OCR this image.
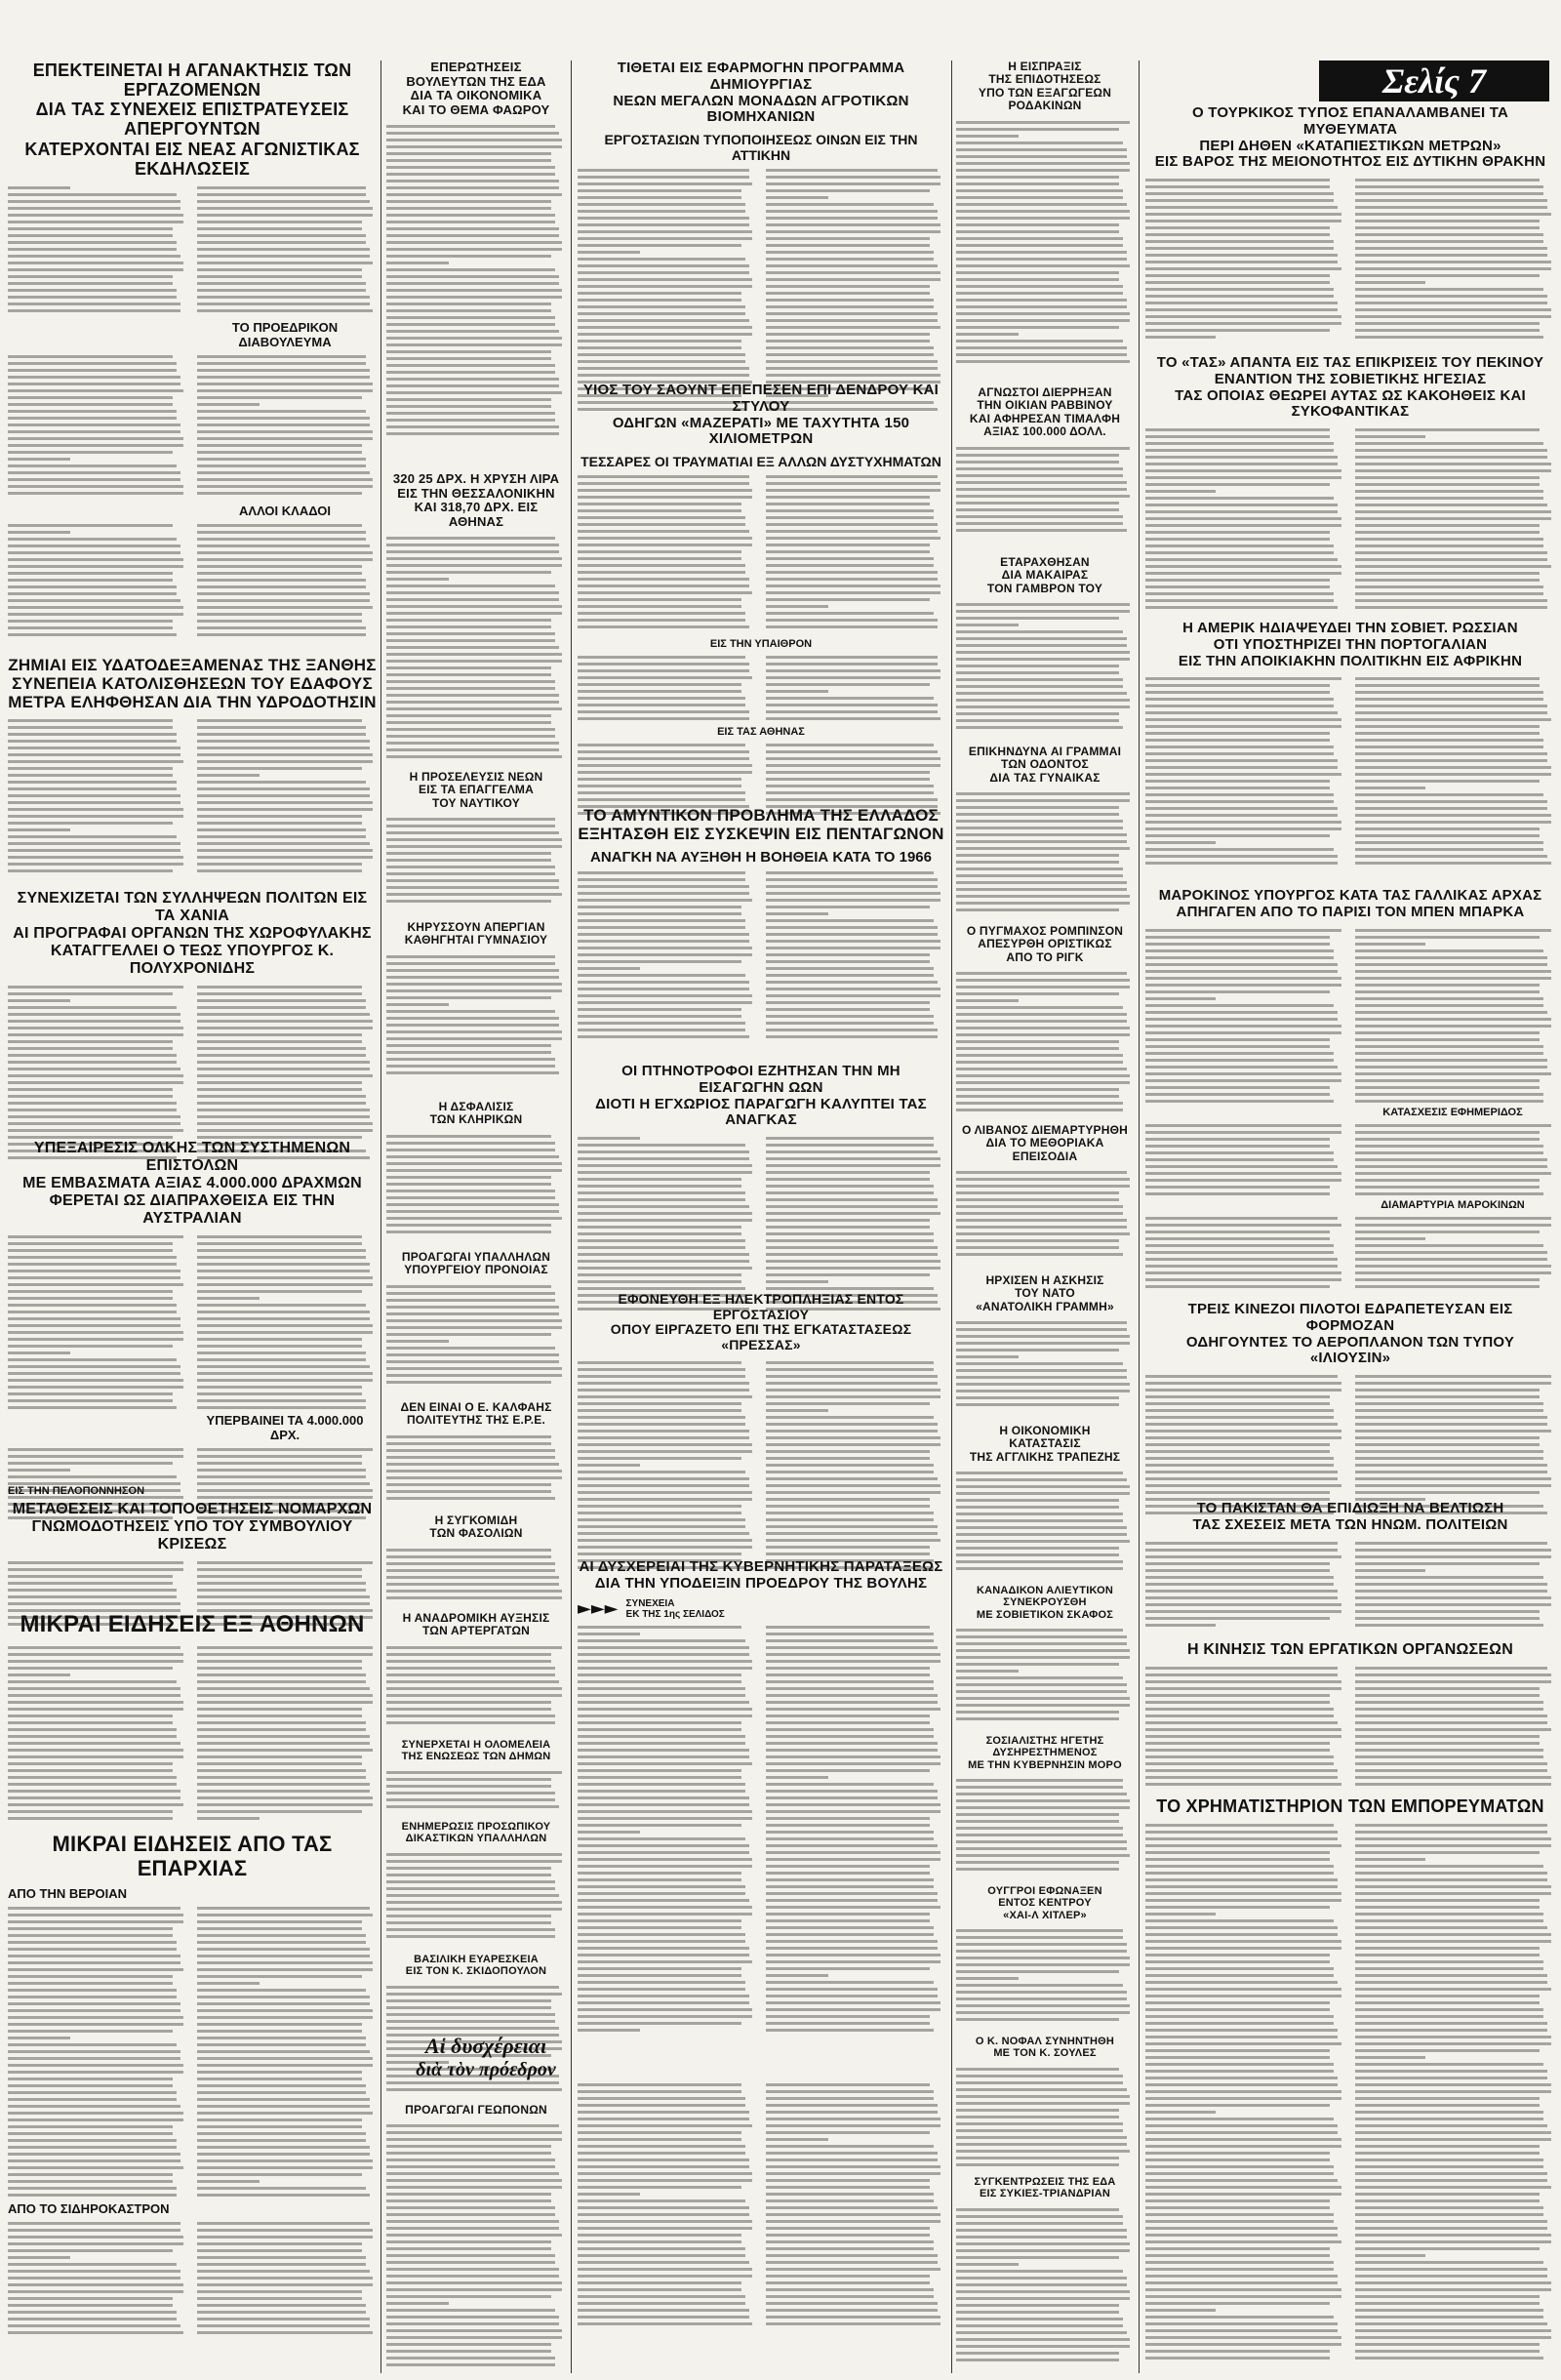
Σελίς 7
ΕΠΕΚΤΕΙΝΕΤΑΙ Η ΑΓΑΝΑΚΤΗΣΙΣ ΤΩΝ ΕΡΓΑΖΟΜΕΝΩΝ
ΔΙΑ ΤΑΣ ΣΥΝΕΧΕΙΣ ΕΠΙΣΤΡΑΤΕΥΣΕΙΣ ΑΠΕΡΓΟΥΝΤΩΝ
ΚΑΤΕΡΧΟΝΤΑΙ ΕΙΣ ΝΕΑΣ ΑΓΩΝΙΣΤΙΚΑΣ ΕΚΔΗΛΩΣΕΙΣ
ΤΟ ΠΡΟΕΔΡΙΚΟΝ ΔΙΑΒΟΥΛΕΥΜΑ
ΑΛΛΟΙ ΚΛΑΔΟΙ
ΖΗΜΙΑΙ ΕΙΣ ΥΔΑΤΟΔΕΞΑΜΕΝΑΣ ΤΗΣ ΞΑΝΘΗΣ
ΣΥΝΕΠΕΙΑ ΚΑΤΟΛΙΣΘΗΣΕΩΝ ΤΟΥ ΕΔΑΦΟΥΣ
ΜΕΤΡΑ ΕΛΗΦΘΗΣΑΝ ΔΙΑ ΤΗΝ ΥΔΡΟΔΟΤΗΣΙΝ
ΣΥΝΕΧΙΖΕΤΑΙ ΤΩΝ ΣΥΛΛΗΨΕΩΝ ΠΟΛΙΤΩΝ ΕΙΣ ΤΑ ΧΑΝΙΑ
ΑΙ ΠΡΟΓΡΑΦΑΙ ΟΡΓΑΝΩΝ ΤΗΣ ΧΩΡΟΦΥΛΑΚΗΣ
ΚΑΤΑΓΓΕΛΛΕΙ Ο ΤΕΩΣ ΥΠΟΥΡΓΟΣ Κ. ΠΟΛΥΧΡΟΝΙΔΗΣ
ΥΠΕΞΑΙΡΕΣΙΣ ΟΛΚΗΣ ΤΩΝ ΣΥΣΤΗΜΕΝΩΝ ΕΠΙΣΤΟΛΩΝ
ΜΕ ΕΜΒΑΣΜΑΤΑ ΑΞΙΑΣ 4.000.000 ΔΡΑΧΜΩΝ
ΦΕΡΕΤΑΙ ΩΣ ΔΙΑΠΡΑΧΘΕΙΣΑ ΕΙΣ ΤΗΝ ΑΥΣΤΡΑΛΙΑΝ
ΥΠΕΡΒΑΙΝΕΙ ΤΑ 4.000.000 ΔΡΧ.
ΕΙΣ ΤΗΝ ΠΕΛΟΠΟΝΝΗΣΟΝ
ΜΕΤΑΘΕΣΕΙΣ ΚΑΙ ΤΟΠΟΘΕΤΗΣΕΙΣ ΝΟΜΑΡΧΩΝ
ΓΝΩΜΟΔΟΤΗΣΕΙΣ ΥΠΟ ΤΟΥ ΣΥΜΒΟΥΛΙΟΥ ΚΡΙΣΕΩΣ
ΜΙΚΡΑΙ ΕΙΔΗΣΕΙΣ ΕΞ ΑΘΗΝΩΝ
ΜΙΚΡΑΙ ΕΙΔΗΣΕΙΣ ΑΠΟ ΤΑΣ ΕΠΑΡΧΙΑΣ
ΑΠΟ ΤΗΝ ΒΕΡΟΙΑΝ
ΑΠΟ ΤΟ ΣΙΔΗΡΟΚΑΣΤΡΟΝ
ΕΠΕΡΩΤΗΣΕΙΣ
ΒΟΥΛΕΥΤΩΝ ΤΗΣ ΕΔΑ
ΔΙΑ ΤΑ ΟΙΚΟΝΟΜΙΚΑ
ΚΑΙ ΤΟ ΘΕΜΑ ΦΑΩΡΟΥ
320 25 ΔΡΧ. Η ΧΡΥΣΗ ΛΙΡΑ
ΕΙΣ ΤΗΝ ΘΕΣΣΑΛΟΝΙΚΗΝ
ΚΑΙ 318,70 ΔΡΧ. ΕΙΣ ΑΘΗΝΑΣ
Η ΠΡΟΣΕΛΕΥΣΙΣ ΝΕΩΝ
ΕΙΣ ΤΑ ΕΠΑΓΓΕΛΜΑ
ΤΟΥ ΝΑΥΤΙΚΟΥ
ΚΗΡΥΣΣΟΥΝ ΑΠΕΡΓΙΑΝ
ΚΑΘΗΓΗΤΑΙ ΓΥΜΝΑΣΙΟΥ
Η ΔΣΦΑΛΙΣΙΣ
ΤΩΝ ΚΛΗΡΙΚΩΝ
ΠΡΟΑΓΩΓΑΙ ΥΠΑΛΛΗΛΩΝ
ΥΠΟΥΡΓΕΙΟΥ ΠΡΟΝΟΙΑΣ
ΔΕΝ ΕΙΝΑΙ Ο Ε. ΚΑΛΦΑΗΣ
ΠΟΛΙΤΕΥΤΗΣ ΤΗΣ Ε.Ρ.Ε.
Η ΣΥΓΚΟΜΙΔΗ
ΤΩΝ ΦΑΣΟΛΙΩΝ
Η ΑΝΑΔΡΟΜΙΚΗ ΑΥΞΗΣΙΣ
ΤΩΝ ΑΡΤΕΡΓΑΤΩΝ
ΣΥΝΕΡΧΕΤΑΙ Η ΟΛΟΜΕΛΕΙΑ
ΤΗΣ ΕΝΩΣΕΩΣ ΤΩΝ ΔΗΜΩΝ
ΕΝΗΜΕΡΩΣΙΣ ΠΡΟΣΩΠΙΚΟΥ
ΔΙΚΑΣΤΙΚΩΝ ΥΠΑΛΛΗΛΩΝ
ΒΑΣΙΛΙΚΗ ΕΥΑΡΕΣΚΕΙΑ
ΕΙΣ ΤΟΝ Κ. ΣΚΙΔΟΠΟΥΛΟΝ
ΠΡΟΑΓΩΓΑΙ ΓΕΩΠΟΝΩΝ
ΤΙΘΕΤΑΙ ΕΙΣ ΕΦΑΡΜΟΓΗΝ ΠΡΟΓΡΑΜΜΑ ΔΗΜΙΟΥΡΓΙΑΣ
ΝΕΩΝ ΜΕΓΑΛΩΝ ΜΟΝΑΔΩΝ ΑΓΡΟΤΙΚΩΝ ΒΙΟΜΗΧΑΝΙΩΝ
ΕΡΓΟΣΤΑΣΙΩΝ ΤΥΠΟΠΟΙΗΣΕΩΣ ΟΙΝΩΝ ΕΙΣ ΤΗΝ ΑΤΤΙΚΗΝ
ΥΙΟΣ ΤΟΥ ΣΑΟΥΝΤ ΕΠΕΠΕΣΕΝ ΕΠΙ ΔΕΝΔΡΟΥ ΚΑΙ ΣΤΥΛΟΥ
ΟΔΗΓΩΝ «ΜΑΖΕΡΑΤΙ» ΜΕ ΤΑΧΥΤΗΤΑ 150 ΧΙΛΙΟΜΕΤΡΩΝ
ΤΕΣΣΑΡΕΣ ΟΙ ΤΡΑΥΜΑΤΙΑΙ ΕΞ ΑΛΛΩΝ ΔΥΣΤΥΧΗΜΑΤΩΝ
ΕΙΣ ΤΗΝ ΥΠΑΙΘΡΟΝ
ΕΙΣ ΤΑΣ ΑΘΗΝΑΣ
ΤΟ ΑΜΥΝΤΙΚΟΝ ΠΡΟΒΛΗΜΑ ΤΗΣ ΕΛΛΑΔΟΣ
ΕΞΗΤΑΣΘΗ ΕΙΣ ΣΥΣΚΕΨΙΝ ΕΙΣ ΠΕΝΤΑΓΩΝΟΝ
ΑΝΑΓΚΗ ΝΑ ΑΥΞΗΘΗ Η ΒΟΗΘΕΙΑ ΚΑΤΑ ΤΟ 1966
ΟΙ ΠΤΗΝΟΤΡΟΦΟΙ ΕΖΗΤΗΣΑΝ ΤΗΝ ΜΗ ΕΙΣΑΓΩΓΗΝ ΩΩΝ
ΔΙΟΤΙ Η ΕΓΧΩΡΙΟΣ ΠΑΡΑΓΩΓΗ ΚΑΛΥΠΤΕΙ ΤΑΣ ΑΝΑΓΚΑΣ
ΕΦΟΝΕΥΘΗ ΕΞ ΗΛΕΚΤΡΟΠΛΗΞΙΑΣ ΕΝΤΟΣ ΕΡΓΟΣΤΑΣΙΟΥ
ΟΠΟΥ ΕΙΡΓΑΖΕΤΟ ΕΠΙ ΤΗΣ ΕΓΚΑΤΑΣΤΑΣΕΩΣ «ΠΡΕΣΣΑΣ»
ΑΙ ΔΥΣΧΕΡΕΙΑΙ ΤΗΣ ΚΥΒΕΡΝΗΤΙΚΗΣ ΠΑΡΑΤΑΞΕΩΣ
ΔΙΑ ΤΗΝ ΥΠΟΔΕΙΞΙΝ ΠΡΟΕΔΡΟΥ ΤΗΣ ΒΟΥΛΗΣ
►►► ΣΥΝΕΧΕΙΑ
ΕΚ ΤΗΣ 1ης ΣΕΛΙΔΟΣ
Αἱ δυσχέρειαι
διὰ τὸν πρόεδρον
Η ΕΙΣΠΡΑΞΙΣ
ΤΗΣ ΕΠΙΔΟΤΗΣΕΩΣ
ΥΠΟ ΤΩΝ ΕΞΑΓΩΓΕΩΝ
ΡΟΔΑΚΙΝΩΝ
ΑΓΝΩΣΤΟΙ ΔΙΕΡΡΗΞΑΝ
ΤΗΝ ΟΙΚΙΑΝ ΡΑΒΒΙΝΟΥ
ΚΑΙ ΑΦΗΡΕΣΑΝ ΤΙΜΑΛΦΗ
ΑΞΙΑΣ 100.000 ΔΟΛΛ.
ΕΤΑΡΑΧΘΗΣΑΝ
ΔΙΑ ΜΑΚΑΙΡΑΣ
ΤΟΝ ΓΑΜΒΡΟΝ ΤΟΥ
ΕΠΙΚΗΝΔΥΝΑ ΑΙ ΓΡΑΜΜΑΙ
ΤΩΝ ΟΔΟΝΤΟΣ
ΔΙΑ ΤΑΣ ΓΥΝΑΙΚΑΣ
Ο ΠΥΓΜΑΧΟΣ ΡΟΜΠΙΝΣΟΝ
ΑΠΕΣΥΡΘΗ ΟΡΙΣΤΙΚΩΣ
ΑΠΟ ΤΟ ΡΙΓΚ
Ο ΛΙΒΑΝΟΣ ΔΙΕΜΑΡΤΥΡΗΘΗ
ΔΙΑ ΤΟ ΜΕΘΟΡΙΑΚΑ
ΕΠΕΙΣΟΔΙΑ
ΗΡΧΙΣΕΝ Η ΑΣΚΗΣΙΣ
ΤΟΥ ΝΑΤΟ
«ΑΝΑΤΟΛΙΚΗ ΓΡΑΜΜΗ»
Η ΟΙΚΟΝΟΜΙΚΗ
ΚΑΤΑΣΤΑΣΙΣ
ΤΗΣ ΑΓΓΛΙΚΗΣ ΤΡΑΠΕΖΗΣ
ΚΑΝΑΔΙΚΟΝ ΑΛΙΕΥΤΙΚΟΝ
ΣΥΝΕΚΡΟΥΣΘΗ
ΜΕ ΣΟΒΙΕΤΙΚΟΝ ΣΚΑΦΟΣ
ΣΟΣΙΑΛΙΣΤΗΣ ΗΓΕΤΗΣ
ΔΥΣΗΡΕΣΤΗΜΕΝΟΣ
ΜΕ ΤΗΝ ΚΥΒΕΡΝΗΣΙΝ ΜΟΡΟ
ΟΥΓΓΡΟΙ ΕΦΩΝΑΞΕΝ
ΕΝΤΟΣ ΚΕΝΤΡΟΥ
«ΧΑΙ-Λ ΧΙΤΛΕΡ»
Ο Κ. ΝΟΦΑΛ ΣΥΝΗΝΤΗΘΗ
ΜΕ ΤΟΝ Κ. ΣΟΥΛΕΣ
ΣΥΓΚΕΝΤΡΩΣΕΙΣ ΤΗΣ ΕΔΑ
ΕΙΣ ΣΥΚΙΕΣ-ΤΡΙΑΝΔΡΙΑΝ
Ο ΤΟΥΡΚΙΚΟΣ ΤΥΠΟΣ ΕΠΑΝΑΛΑΜΒΑΝΕΙ ΤΑ ΜΥΘΕΥΜΑΤΑ
ΠΕΡΙ ΔΗΘΕΝ «ΚΑΤΑΠΙΕΣΤΙΚΩΝ ΜΕΤΡΩΝ»
ΕΙΣ ΒΑΡΟΣ ΤΗΣ ΜΕΙΟΝΟΤΗΤΟΣ ΕΙΣ ΔΥΤΙΚΗΝ ΘΡΑΚΗΝ
ΤΟ «ΤΑΣ» ΑΠΑΝΤΑ ΕΙΣ ΤΑΣ ΕΠΙΚΡΙΣΕΙΣ ΤΟΥ ΠΕΚΙΝΟΥ
ΕΝΑΝΤΙΟΝ ΤΗΣ ΣΟΒΙΕΤΙΚΗΣ ΗΓΕΣΙΑΣ
ΤΑΣ ΟΠΟΙΑΣ ΘΕΩΡΕΙ ΑΥΤΑΣ ΩΣ ΚΑΚΟΗΘΕΙΣ ΚΑΙ ΣΥΚΟΦΑΝΤΙΚΑΣ
Η ΑΜΕΡΙΚ ΗΔΙΑΨΕΥΔΕΙ ΤΗΝ ΣΟΒΙΕΤ. ΡΩΣΣΙΑΝ
ΟΤΙ ΥΠΟΣΤΗΡΙΖΕΙ ΤΗΝ ΠΟΡΤΟΓΑΛΙΑΝ
ΕΙΣ ΤΗΝ ΑΠΟΙΚΙΑΚΗΝ ΠΟΛΙΤΙΚΗΝ ΕΙΣ ΑΦΡΙΚΗΝ
ΜΑΡΟΚΙΝΟΣ ΥΠΟΥΡΓΟΣ ΚΑΤΑ ΤΑΣ ΓΑΛΛΙΚΑΣ ΑΡΧΑΣ
ΑΠΗΓΑΓΕΝ ΑΠΟ ΤΟ ΠΑΡΙΣΙ ΤΟΝ ΜΠΕΝ ΜΠΑΡΚΑ
ΚΑΤΑΣΧΕΣΙΣ ΕΦΗΜΕΡΙΔΟΣ
ΔΙΑΜΑΡΤΥΡΙΑ ΜΑΡΟΚΙΝΩΝ
ΤΡΕΙΣ ΚΙΝΕΖΟΙ ΠΙΛΟΤΟΙ ΕΔΡΑΠΕΤΕΥΣΑΝ ΕΙΣ ΦΟΡΜΟΖΑΝ
ΟΔΗΓΟΥΝΤΕΣ ΤΟ ΑΕΡΟΠΛΑΝΟΝ ΤΩΝ ΤΥΠΟΥ «ΙΛΙΟΥΣΙΝ»
ΤΟ ΠΑΚΙΣΤΑΝ ΘΑ ΕΠΙΔΙΩΞΗ ΝΑ ΒΕΛΤΙΩΣΗ
ΤΑΣ ΣΧΕΣΕΙΣ ΜΕΤΑ ΤΩΝ ΗΝΩΜ. ΠΟΛΙΤΕΙΩΝ
Η ΚΙΝΗΣΙΣ ΤΩΝ ΕΡΓΑΤΙΚΩΝ ΟΡΓΑΝΩΣΕΩΝ
ΤΟ ΧΡΗΜΑΤΙΣΤΗΡΙΟΝ ΤΩΝ ΕΜΠΟΡΕΥΜΑΤΩΝ
